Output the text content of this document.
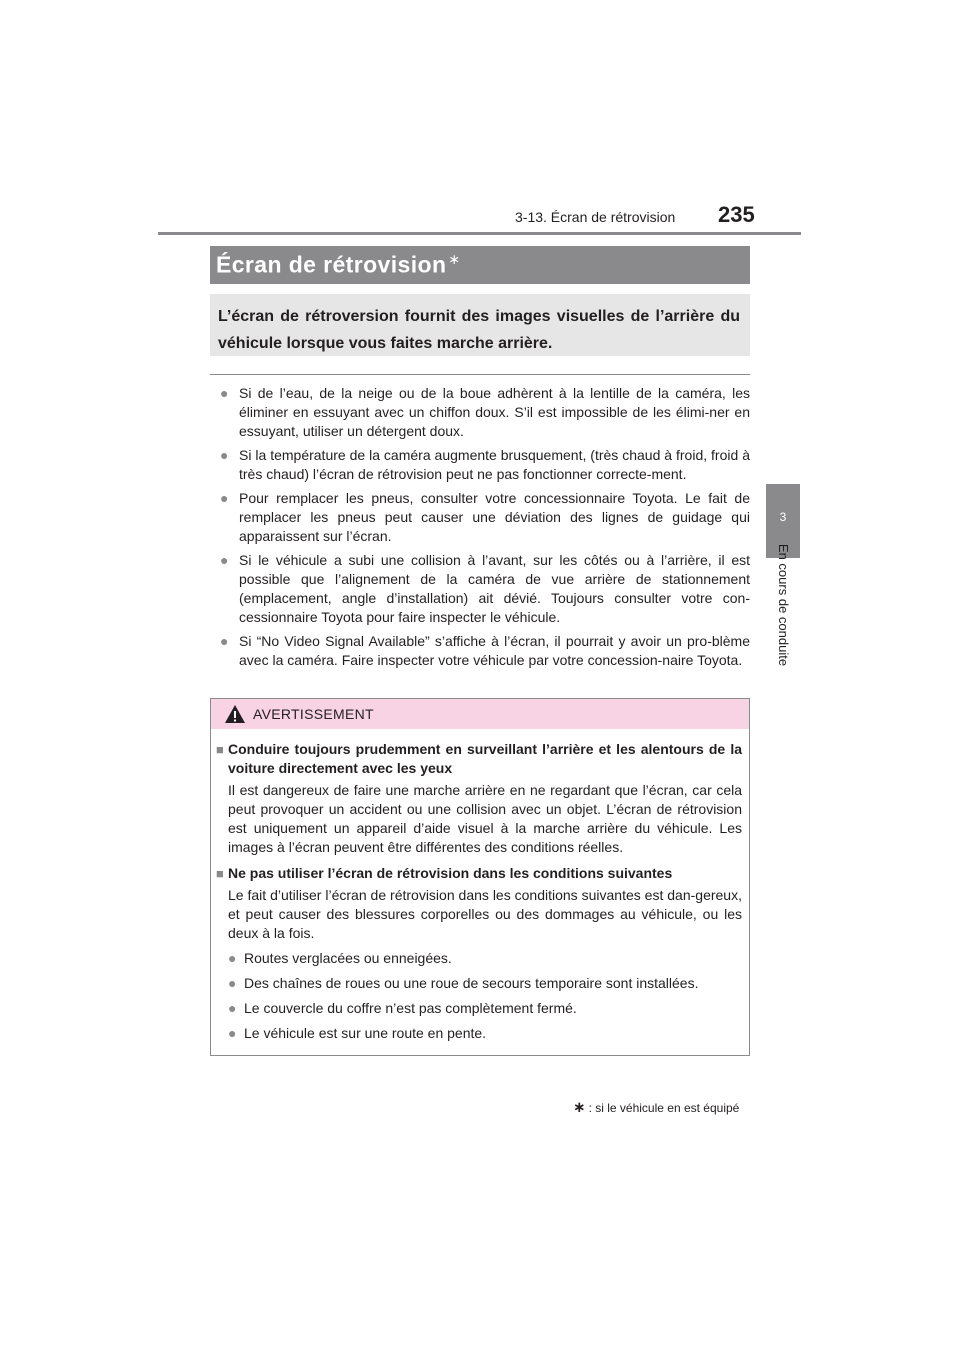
3-13. Écran de rétrovision 235
3
En cours de conduite
Écran de rétrovision ∗
L’écran de rétroversion fournit des images visuelles de l’arrière du véhicule lorsque vous faites marche arrière.
● Si de l’eau, de la neige ou de la boue adhèrent à la lentille de la caméra, les éliminer en essuyant avec un chiffon doux. S’il est impossible de les élimi-ner en essuyant, utiliser un détergent doux.
● Si la température de la caméra augmente brusquement, (très chaud à froid, froid à très chaud) l’écran de rétrovision peut ne pas fonctionner correcte-ment.
● Pour remplacer les pneus, consulter votre concessionnaire Toyota. Le fait de remplacer les pneus peut causer une déviation des lignes de guidage qui apparaissent sur l’écran.
● Si le véhicule a subi une collision à l’avant, sur les côtés ou à l’arrière, il est possible que l’alignement de la caméra de vue arrière de stationnement (emplacement, angle d’installation) ait dévié. Toujours consulter votre con-cessionnaire Toyota pour faire inspecter le véhicule.
● Si “No Video Signal Available” s’affiche à l’écran, il pourrait y avoir un pro-blème avec la caméra. Faire inspecter votre véhicule par votre concession-naire Toyota.
AVERTISSEMENT
■ Conduire toujours prudemment en surveillant l’arrière et les alentours de la voiture directement avec les yeux
Il est dangereux de faire une marche arrière en ne regardant que l’écran, car cela peut provoquer un accident ou une collision avec un objet. L’écran de rétrovision est uniquement un appareil d’aide visuel à la marche arrière du véhicule. Les images à l’écran peuvent être différentes des conditions réelles.
■ Ne pas utiliser l’écran de rétrovision dans les conditions suivantes
Le fait d’utiliser l’écran de rétrovision dans les conditions suivantes est dan-gereux, et peut causer des blessures corporelles ou des dommages au véhicule, ou les deux à la fois.
● Routes verglacées ou enneigées.
● Des chaînes de roues ou une roue de secours temporaire sont installées.
● Le couvercle du coffre n’est pas complètement fermé.
● Le véhicule est sur une route en pente.
∗ : si le véhicule en est équipé
